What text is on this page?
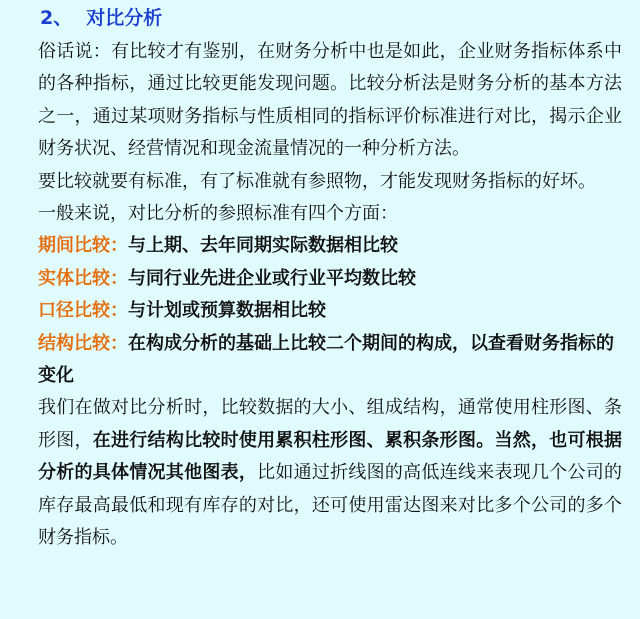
2、 对比分析

俗话说：有比较才有鉴别，在财务分析中也是如此，企业财务指标体系中的各种指标，通过比较更能发现问题。比较分析法是财务分析的基本方法之一，通过某项财务指标与性质相同的指标评价标准进行对比，揭示企业财务状况、经营情况和现金流量情况的一种分析方法。

要比较就要有标准，有了标准就有参照物，才能发现财务指标的好坏。

一般来说，对比分析的参照标准有四个方面：

期间比较：与上期、去年同期实际数据相比较

实体比较：与同行业先进企业或行业平均数比较

口径比较：与计划或预算数据相比较

结构比较：在构成分析的基础上比较二个期间的构成，以查看财务指标的变化

我们在做对比分析时，比较数据的大小、组成结构，通常使用柱形图、条形图，在进行结构比较时使用累积柱形图、累积条形图。当然，也可根据分析的具体情况其他图表，比如通过折线图的高低连线来表现几个公司的库存最高最低和现有库存的对比，还可使用雷达图来对比多个公司的多个财务指标。
